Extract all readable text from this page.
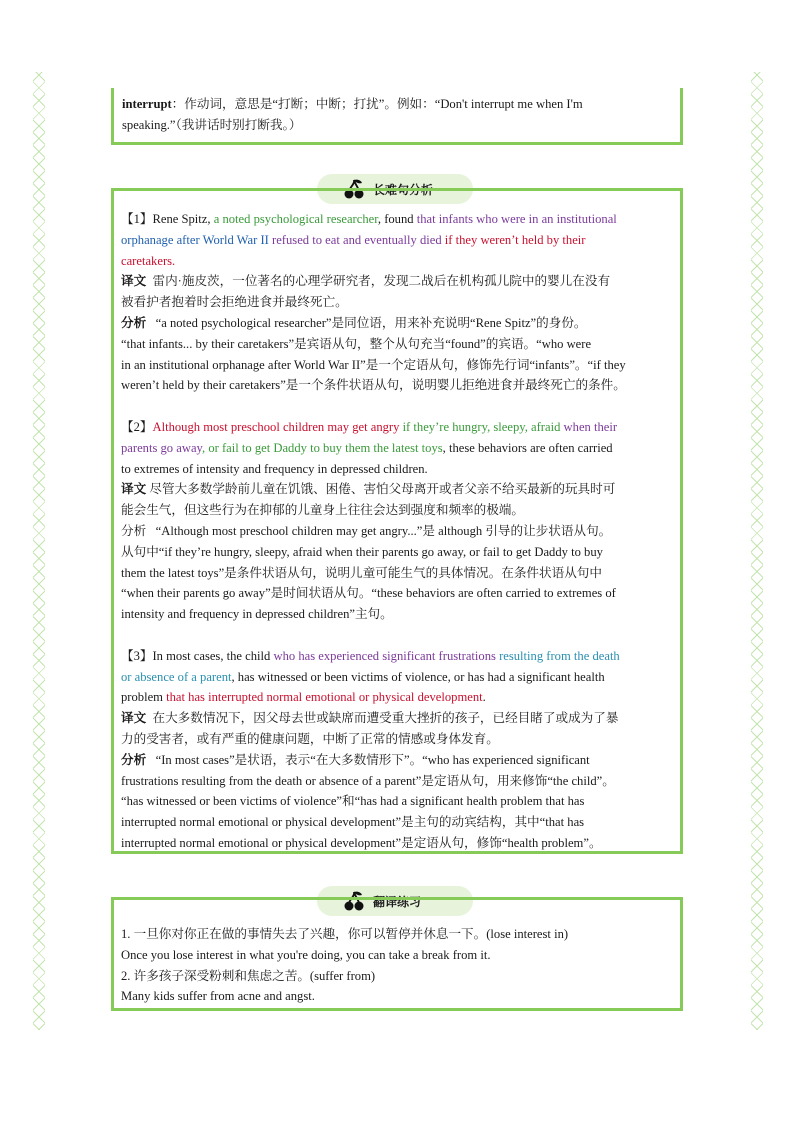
interrupt：作动词，意思是“打断；中断；打扰”。例如：“Don't interrupt me when I'm

speaking.”（我讲话时别打断我。）

长难句分析

【1】Rene Spitz, a noted psychological researcher, found that infants who were in an institutional

orphanage after World War II refused to eat and eventually died if they weren’t held by their

caretakers.

译文 雷内·施皮茨，一位著名的心理学研究者，发现二战后在机构孤儿院中的婴儿在没有

被看护者抱着时会拒绝进食并最终死亡。

分析 “a noted psychological researcher”是同位语，用来补充说明“Rene Spitz”的身份。

“that infants... by their caretakers”是宾语从句，整个从句充当“found”的宾语。“who were

in an institutional orphanage after World War II”是一个定语从句，修饰先行词“infants”。“if they

weren’t held by their caretakers”是一个条件状语从句，说明婴儿拒绝进食并最终死亡的条件。

【2】Although most preschool children may get angry if they’re hungry, sleepy, afraid when their

parents go away, or fail to get Daddy to buy them the latest toys, these behaviors are often carried

to extremes of intensity and frequency in depressed children.

译文 尽管大多数学龄前儿童在饥饿、困倦、害怕父母离开或者父亲不给买最新的玩具时可

能会生气，但这些行为在抑郁的儿童身上往往会达到强度和频率的极端。

分析 “Although most preschool children may get angry...”是 although 引导的让步状语从句。

从句中“if they’re hungry, sleepy, afraid when their parents go away, or fail to get Daddy to buy

them the latest toys”是条件状语从句，说明儿童可能生气的具体情况。在条件状语从句中

“when their parents go away”是时间状语从句。“these behaviors are often carried to extremes of

intensity and frequency in depressed children”主句。

【3】In most cases, the child who has experienced significant frustrations resulting from the death

or absence of a parent, has witnessed or been victims of violence, or has had a significant health

problem that has interrupted normal emotional or physical development.

译文 在大多数情况下，因父母去世或缺席而遭受重大挫折的孩子，已经目睹了或成为了暴

力的受害者，或有严重的健康问题，中断了正常的情感或身体发育。

分析 “In most cases”是状语，表示“在大多数情形下”。“who has experienced significant

frustrations resulting from the death or absence of a parent”是定语从句，用来修饰“the child”。

“has witnessed or been victims of violence”和“has had a significant health problem that has

interrupted normal emotional or physical development”是主句的动宾结构，其中“that has

interrupted normal emotional or physical development”是定语从句，修饰“health problem”。

翻译练习

1. 一旦你对你正在做的事情失去了兴趣，你可以暂停并休息一下。(lose interest in)

Once you lose interest in what you're doing, you can take a break from it.

2. 许多孩子深受粉刺和焦虑之苦。(suffer from)

Many kids suffer from acne and angst.
